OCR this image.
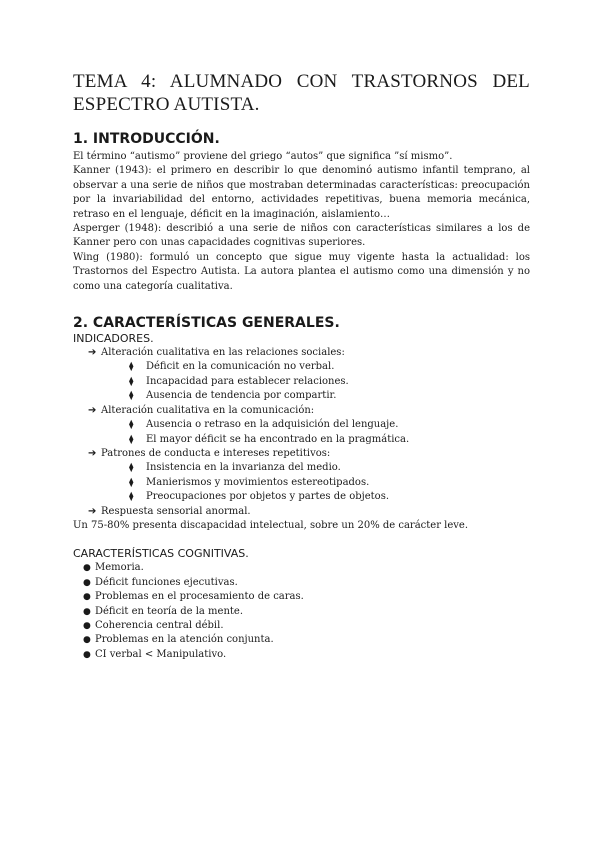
TEMA 4: ALUMNADO CON TRASTORNOS DEL ESPECTRO AUTISTA.
1. INTRODUCCIÓN.

El término “autismo” proviene del griego “autos” que significa ”sí mismo”.

Kanner (1943): el primero en describir lo que denominó autismo infantil temprano, al observar a una serie de niños que mostraban determinadas características: preocupación por la invariabilidad del entorno, actividades repetitivas, buena memoria mecánica, retraso en el lenguaje, déficit en la imaginación, aislamiento…

Asperger (1948): describió a una serie de niños con características similares a los de Kanner pero con unas capacidades cognitivas superiores.

Wing (1980): formuló un concepto que sigue muy vigente hasta la actualidad: los Trastornos del Espectro Autista. La autora plantea el autismo como una dimensión y no como una categoría cualitativa.

2. CARACTERÍSTICAS GENERALES.

INDICADORES.

➔ Alteración cualitativa en las relaciones sociales:
⧫ Déficit en la comunicación no verbal.
⧫ Incapacidad para establecer relaciones.
⧫ Ausencia de tendencia por compartir.
➔ Alteración cualitativa en la comunicación:
⧫ Ausencia o retraso en la adquisición del lenguaje.
⧫ El mayor déficit se ha encontrado en la pragmática.
➔ Patrones de conducta e intereses repetitivos:
⧫ Insistencia en la invarianza del medio.
⧫ Manierismos y movimientos estereotipados.
⧫ Preocupaciones por objetos y partes de objetos.
➔ Respuesta sensorial anormal.

Un 75-80% presenta discapacidad intelectual, sobre un 20% de carácter leve.

CARACTERÍSTICAS COGNITIVAS.

● Memoria.
● Déficit funciones ejecutivas.
● Problemas en el procesamiento de caras.
● Déficit en teoría de la mente.
● Coherencia central débil.
● Problemas en la atención conjunta.
● CI verbal < Manipulativo.
